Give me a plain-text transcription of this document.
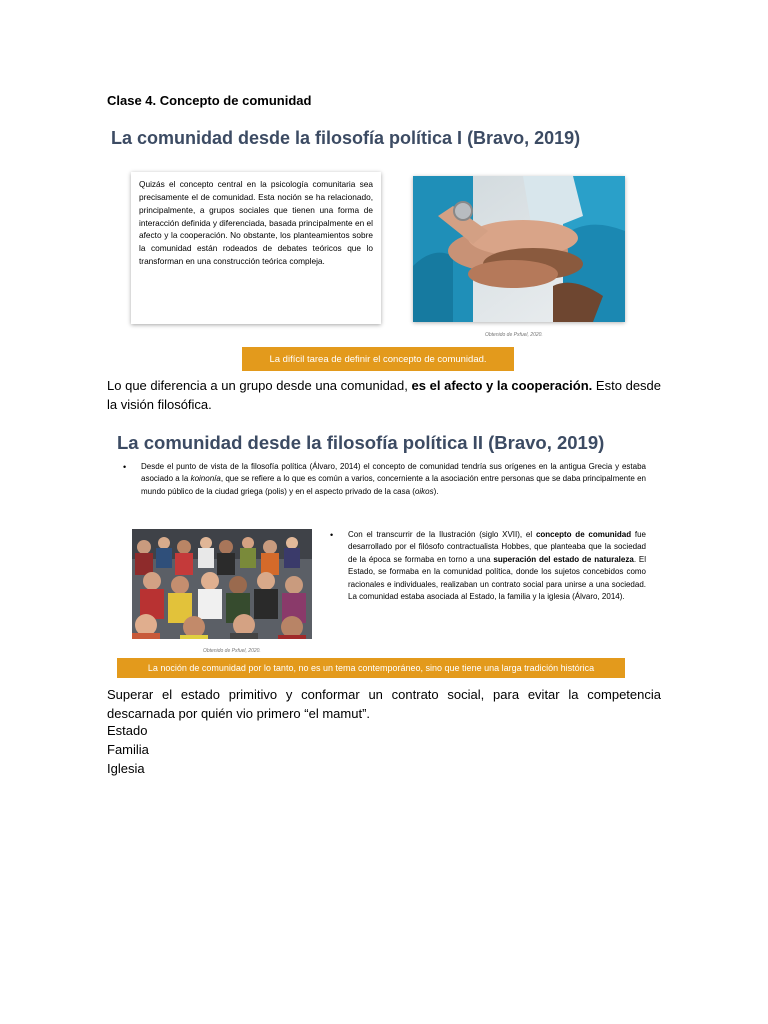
Clase 4. Concepto de comunidad
La comunidad desde la filosofía política I (Bravo, 2019)
Quizás el concepto central en la psicología comunitaria sea precisamente el de comunidad. Esta noción se ha relacionado, principalmente, a grupos sociales que tienen una forma de interacción definida y diferenciada, basada principalmente en el afecto y la cooperación. No obstante, los planteamientos sobre la comunidad están rodeados de debates teóricos que lo transforman en una construcción teórica compleja.
Obtenido de Pxfuel, 2020.
La difícil tarea de definir el concepto de comunidad.
Lo que diferencia a un grupo desde una comunidad, es el afecto y la cooperación. Esto desde la visión filosófica.
La comunidad desde la filosofía política II (Bravo, 2019)
• Desde el punto de vista de la filosofía política (Álvaro, 2014) el concepto de comunidad tendría sus orígenes en la antigua Grecia y estaba asociado a la koinonía, que se refiere a lo que es común a varios, concerniente a la asociación entre personas que se daba principalmente en mundo público de la ciudad griega (polis) y en el aspecto privado de la casa (oikos).
• Con el transcurrir de la Ilustración (siglo XVII), el concepto de comunidad fue desarrollado por el filósofo contractualista Hobbes, que planteaba que la sociedad de la época se formaba en torno a una superación del estado de naturaleza. El Estado, se formaba en la comunidad política, donde los sujetos concebidos como racionales e individuales, realizaban un contrato social para unirse a una sociedad. La comunidad estaba asociada al Estado, la familia y la iglesia (Álvaro, 2014).
Obtenido de Pxfuel, 2020.
La noción de comunidad por lo tanto, no es un tema contemporáneo, sino que tiene una larga tradición histórica
Superar el estado primitivo y conformar un contrato social, para evitar la competencia descarnada por quién vio primero “el mamut”.
Estado
Familia
Iglesia
